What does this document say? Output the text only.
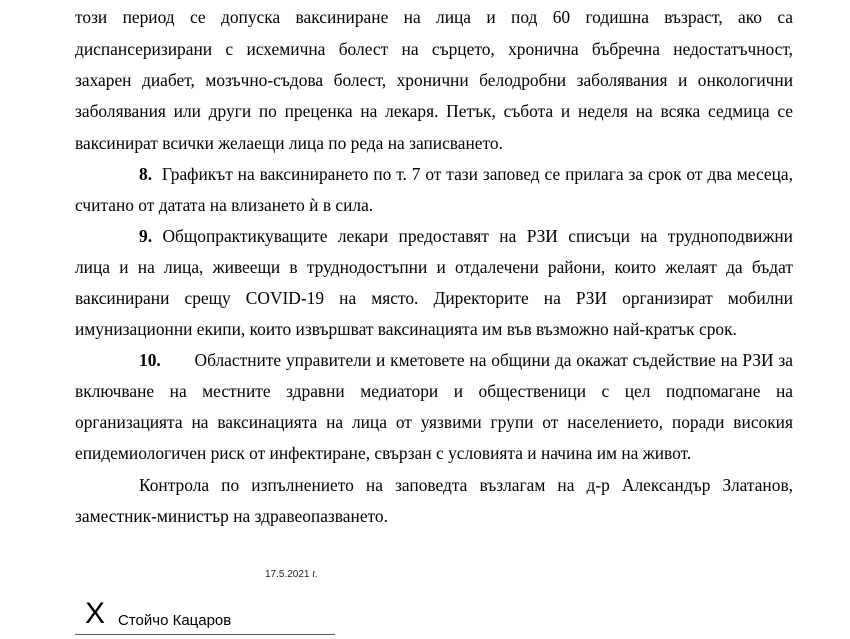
този период се допуска ваксиниране на лица и под 60 годишна възраст, ако са
диспансеризирани с исхемична болест на сърцето, хронична бъбречна недостатъчност,
захарен диабет, мозъчно-съдова болест, хронични белодробни заболявания и онкологични
заболявания или други по преценка на лекаря. Петък, събота и неделя на всяка седмица се
ваксинират всички желаещи лица по реда на записването.
8. Графикът на ваксинирането по т. 7 от тази заповед се прилага за срок от два месеца,
считано от датата на влизането ѝ в сила.
9. Общопрактикуващите лекари предоставят на РЗИ списъци на трудноподвижни
лица и на лица, живеещи в труднодостъпни и отдалечени райони, които желаят да бъдат
ваксинирани срещу COVID-19 на място. Директорите на РЗИ организират мобилни
имунизационни екипи, които извършват ваксинацията им във възможно най-кратък срок.
10. Областните управители и кметовете на общини да окажат съдействие на РЗИ за
включване на местните здравни медиатори и общественици с цел подпомагане на
организацията на ваксинацията на лица от уязвими групи от населението, поради високия
епидемиологичен риск от инфектиране, свързан с условията и начина им на живот.
Контрола по изпълнението на заповедта възлагам на д-р Александър Златанов,
заместник-министър на здравеопазването.
17.5.2021 г.
X Стойчо Кацаров
